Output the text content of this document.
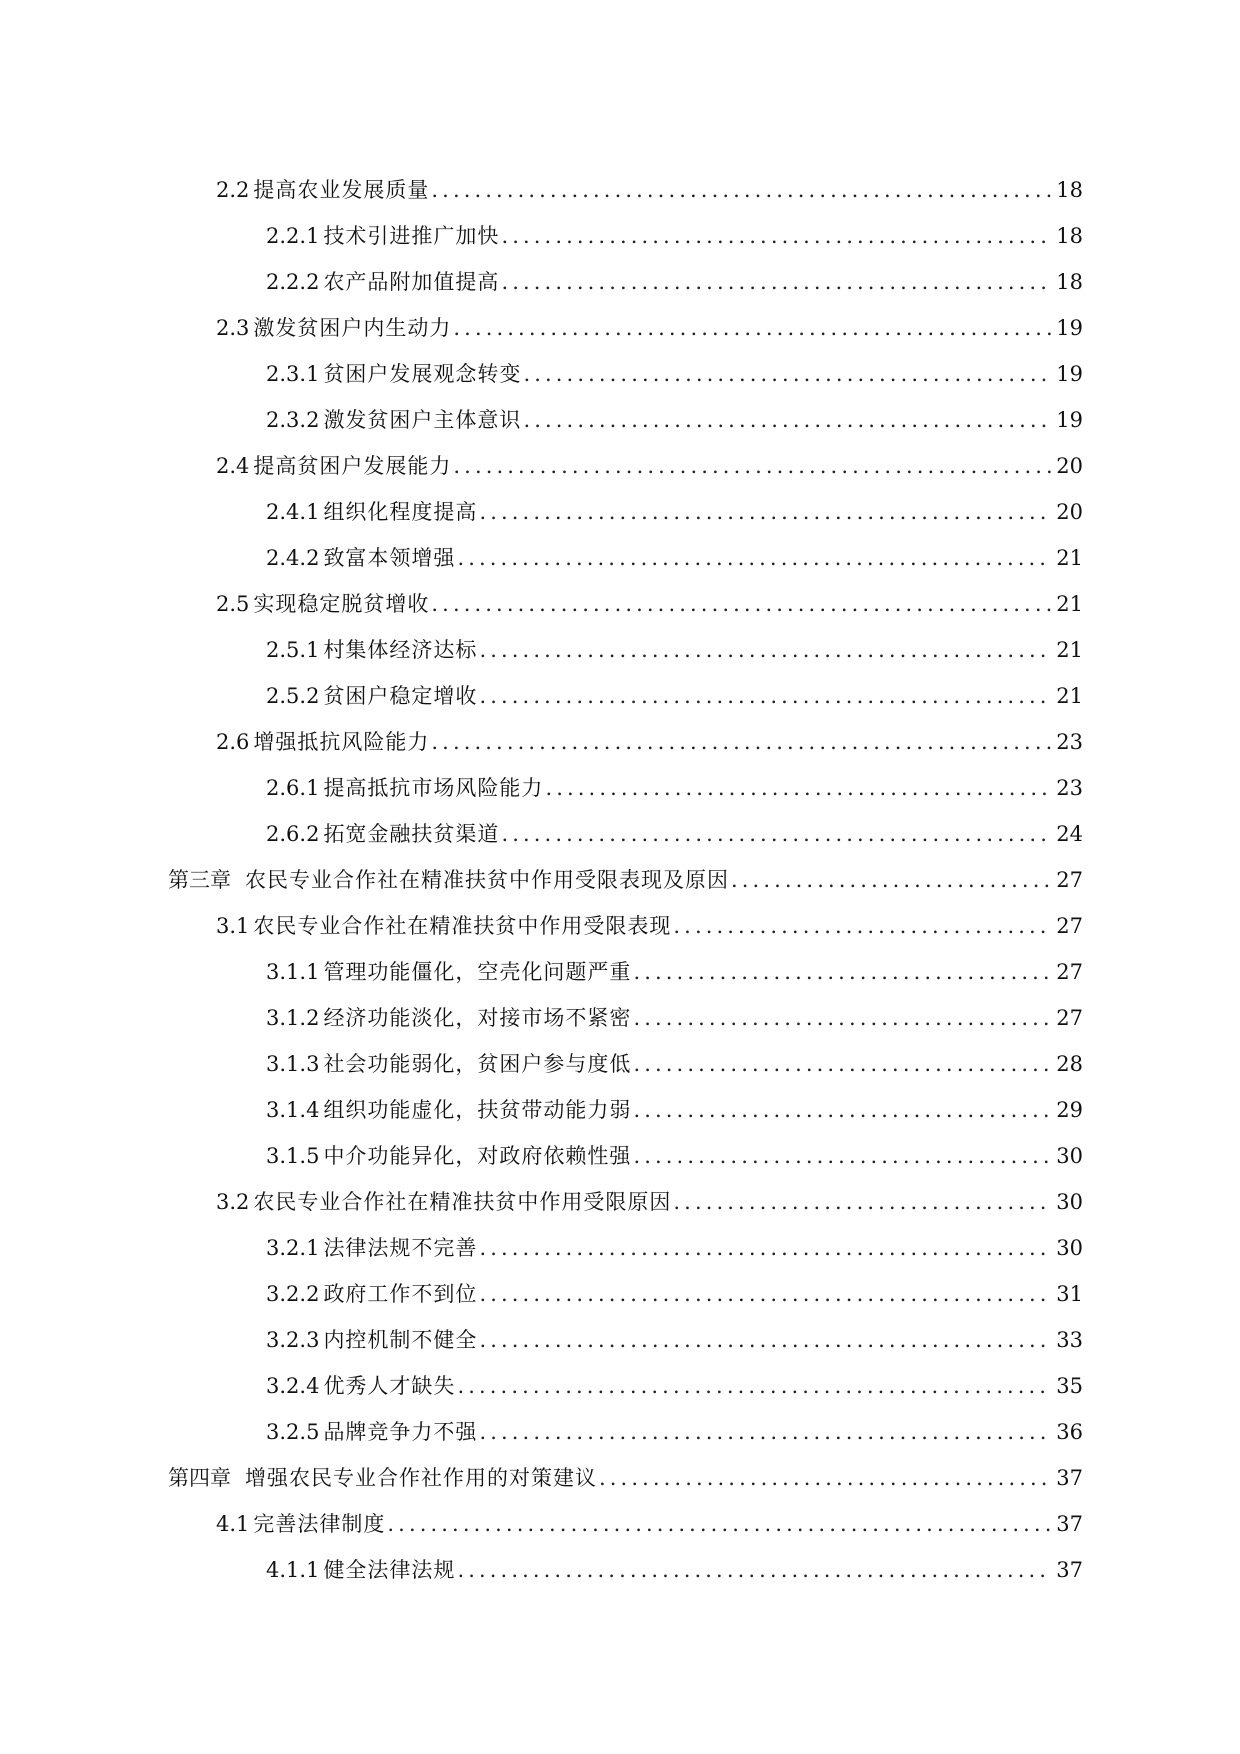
2.2 提高农业发展质量 .....	18
2.2.1 技术引进推广加快 .....	18
2.2.2 农产品附加值提高 .....	18
2.3 激发贫困户内生动力 .....	19
2.3.1 贫困户发展观念转变 .....	19
2.3.2 激发贫困户主体意识 .....	19
2.4 提高贫困户发展能力 .....	20
2.4.1 组织化程度提高 .....	20
2.4.2 致富本领增强 .....	21
2.5 实现稳定脱贫增收 .....	21
2.5.1 村集体经济达标 .....	21
2.5.2 贫困户稳定增收 .....	21
2.6 增强抵抗风险能力 .....	23
2.6.1 提高抵抗市场风险能力 .....	23
2.6.2 拓宽金融扶贫渠道 .....	24
第三章 农民专业合作社在精准扶贫中作用受限表现及原因 .....	27
3.1 农民专业合作社在精准扶贫中作用受限表现 .....	27
3.1.1 管理功能僵化，空壳化问题严重 .....	27
3.1.2 经济功能淡化，对接市场不紧密 .....	27
3.1.3 社会功能弱化，贫困户参与度低 .....	28
3.1.4 组织功能虚化，扶贫带动能力弱 .....	29
3.1.5 中介功能异化，对政府依赖性强 .....	30
3.2 农民专业合作社在精准扶贫中作用受限原因 .....	30
3.2.1 法律法规不完善 .....	30
3.2.2 政府工作不到位 .....	31
3.2.3 内控机制不健全 .....	33
3.2.4 优秀人才缺失 .....	35
3.2.5 品牌竞争力不强 .....	36
第四章 增强农民专业合作社作用的对策建议 .....	37
4.1 完善法律制度 .....	37
4.1.1 健全法律法规 .....	37
